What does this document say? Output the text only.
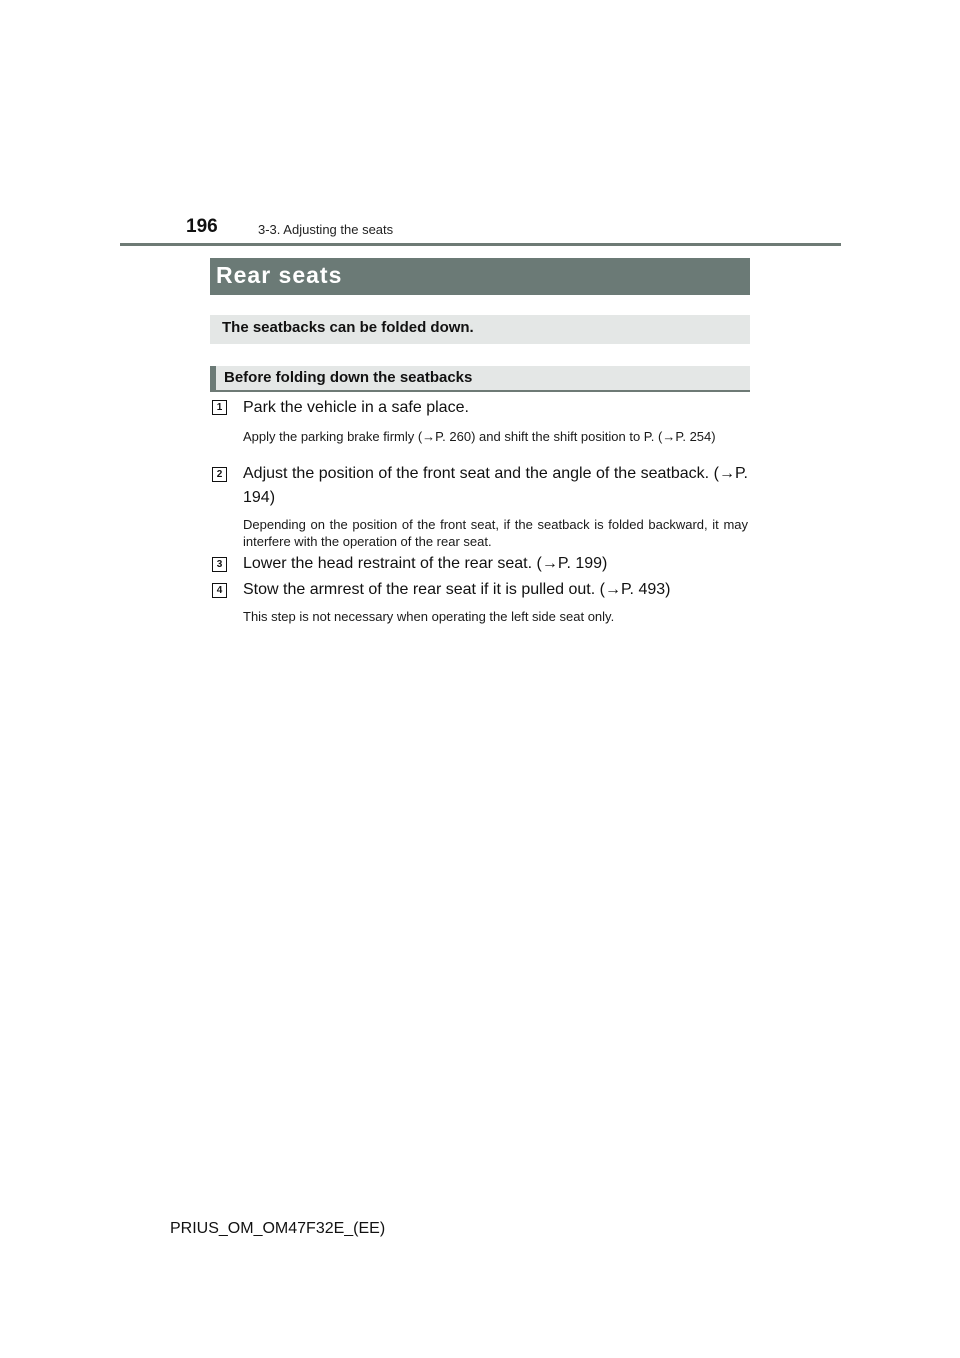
196	3-3. Adjusting the seats
Rear seats
The seatbacks can be folded down.
Before folding down the seatbacks
1 Park the vehicle in a safe place.
Apply the parking brake firmly (→P. 260) and shift the shift position to P. (→P. 254)
2 Adjust the position of the front seat and the angle of the seatback. (→P. 194)
Depending on the position of the front seat, if the seatback is folded backward, it may interfere with the operation of the rear seat.
3 Lower the head restraint of the rear seat. (→P. 199)
4 Stow the armrest of the rear seat if it is pulled out. (→P. 493)
This step is not necessary when operating the left side seat only.
PRIUS_OM_OM47F32E_(EE)
